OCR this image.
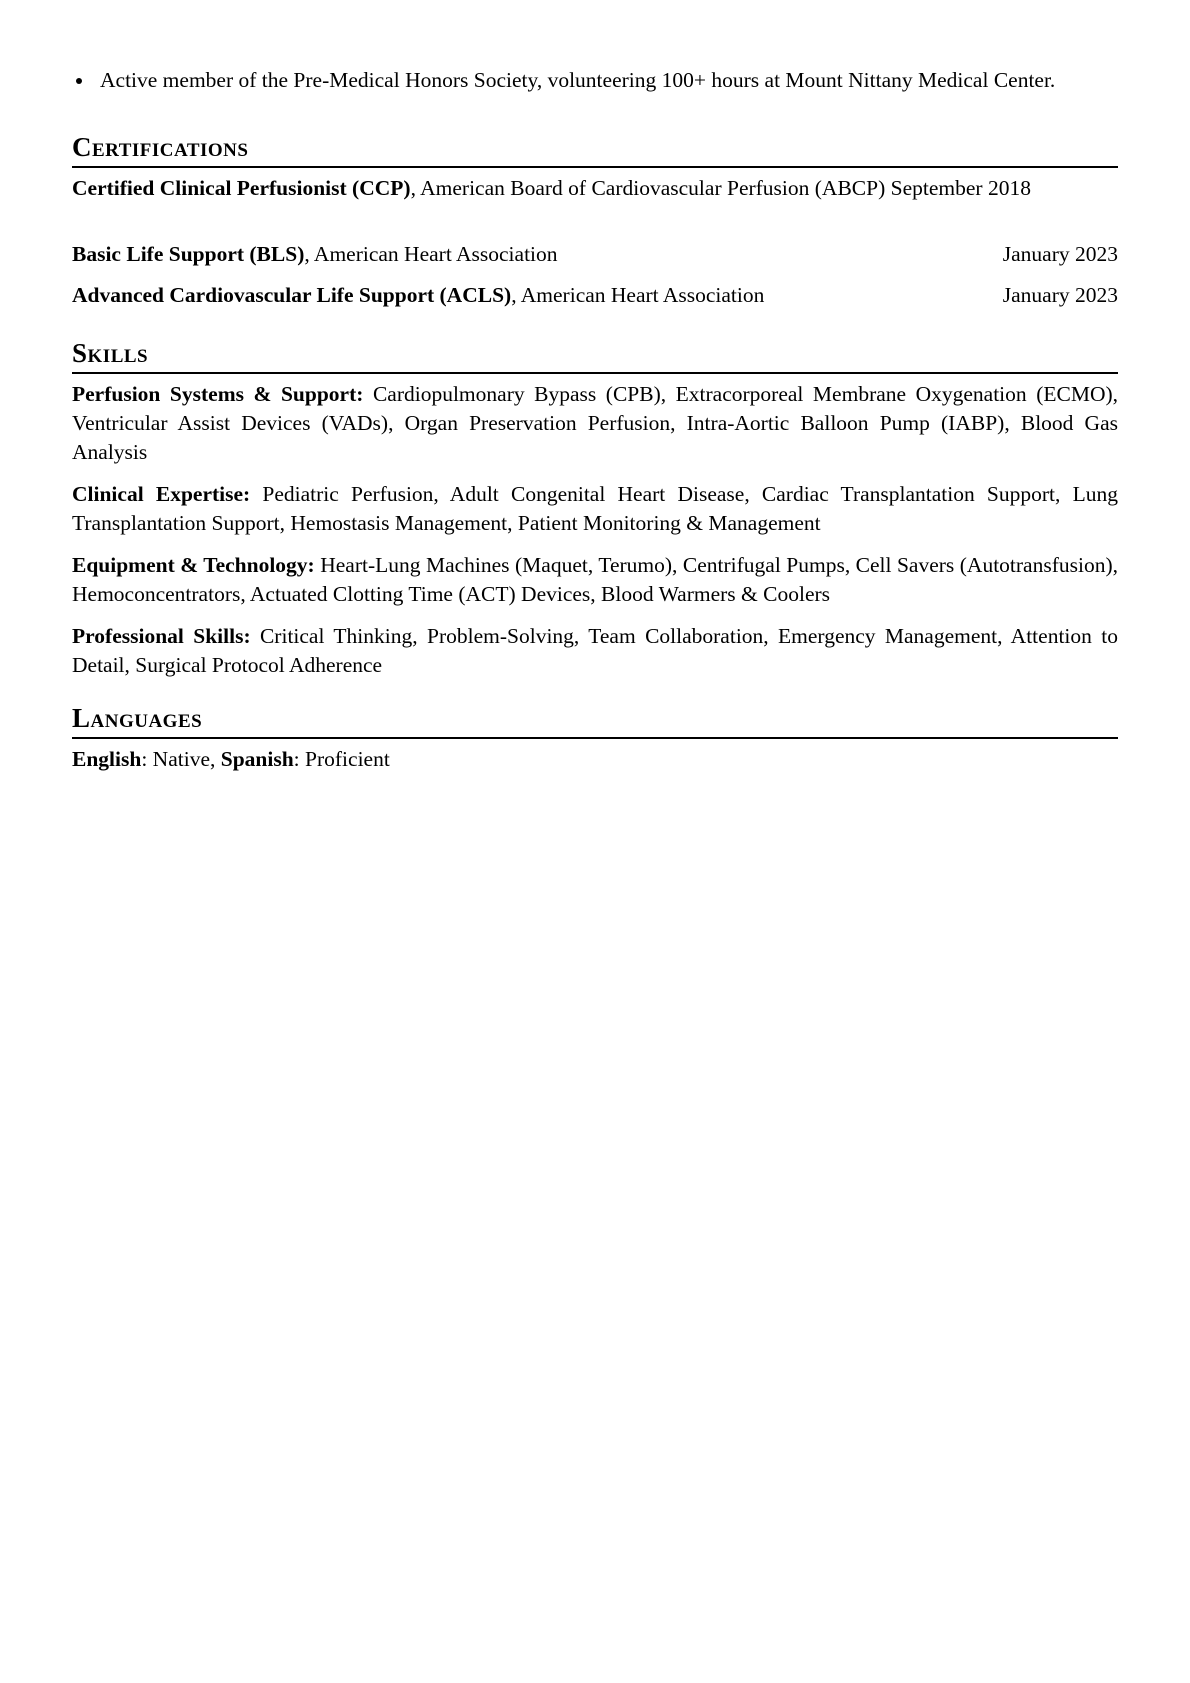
Active member of the Pre-Medical Honors Society, volunteering 100+ hours at Mount Nittany Medical Center.
Certifications
Certified Clinical Perfusionist (CCP), American Board of Cardiovascular Perfusion (ABCP) September 2018
Basic Life Support (BLS), American Heart Association	January 2023
Advanced Cardiovascular Life Support (ACLS), American Heart Association	January 2023
Skills
Perfusion Systems & Support: Cardiopulmonary Bypass (CPB), Extracorporeal Membrane Oxygenation (ECMO), Ventricular Assist Devices (VADs), Organ Preservation Perfusion, Intra-Aortic Balloon Pump (IABP), Blood Gas Analysis
Clinical Expertise: Pediatric Perfusion, Adult Congenital Heart Disease, Cardiac Transplantation Support, Lung Transplantation Support, Hemostasis Management, Patient Monitoring & Management
Equipment & Technology: Heart-Lung Machines (Maquet, Terumo), Centrifugal Pumps, Cell Savers (Autotransfusion), Hemoconcentrators, Actuated Clotting Time (ACT) Devices, Blood Warmers & Coolers
Professional Skills: Critical Thinking, Problem-Solving, Team Collaboration, Emergency Management, Attention to Detail, Surgical Protocol Adherence
Languages
English: Native, Spanish: Proficient
